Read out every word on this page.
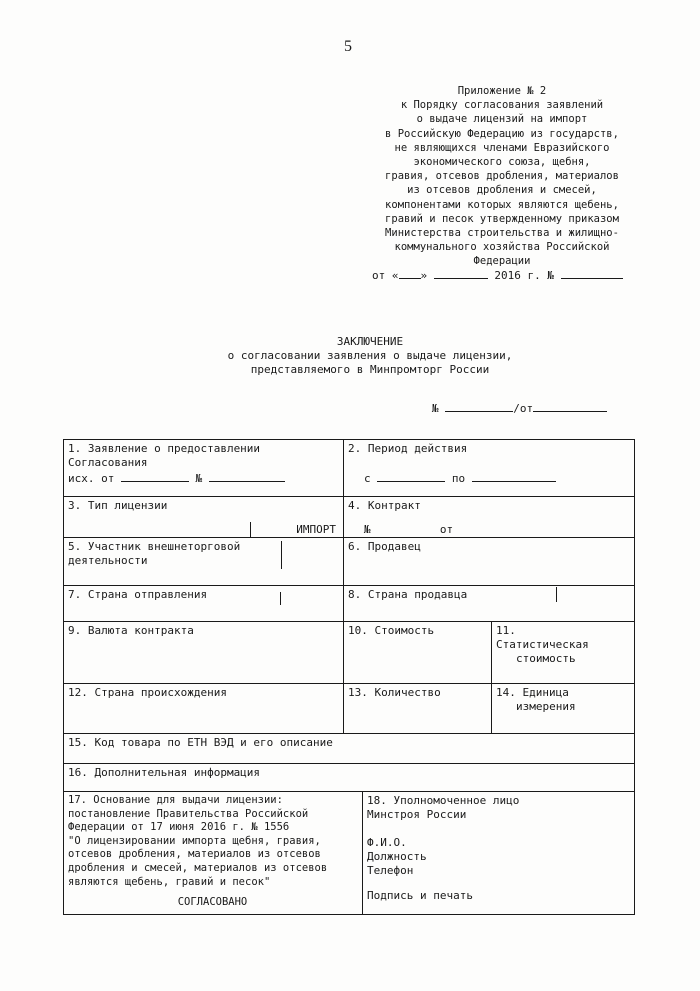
5
Приложение № 2
к Порядку согласования заявлений
о выдаче лицензий на импорт
в Российскую Федерацию из государств,
не являющихся членами Евразийского
экономического союза, щебня,
гравия, отсевов дробления, материалов
из отсевов дробления и смесей,
компонентами которых являются щебень,
гравий и песок утвержденному приказом
Министерства строительства и жилищно-
коммунального хозяйства Российской
Федерации
от « »	2016 г. №
ЗАКЛЮЧЕНИЕ
о согласовании заявления о выдаче лицензии,
представляемого в Минпромторг России
№	/от
1. Заявление о предоставлении
Согласования
исх. от	№
2. Период действия
с	по
3. Тип лицензии
ИМПОРТ
4. Контракт
№	от
5. Участник внешнеторговой
деятельности
6. Продавец
7. Страна отправления	8. Страна продавца
9. Валюта контракта	10. Стоимость	11.
Статистическая
стоимость
12. Страна происхождения	13. Количество	14. Единица
измерения
15. Код товара по ЕТН ВЭД и его описание
16. Дополнительная информация
17. Основание для выдачи лицензии:
постановление Правительства Российской
Федерации от 17 июня 2016 г. № 1556
"О лицензировании импорта щебня, гравия,
отсевов дробления, материалов из отсевов
дробления и смесей, материалов из отсевов
являются щебень, гравий и песок"
СОГЛАСОВАНО
18. Уполномоченное лицо
Минстроя России
Ф.И.О.
Должность
Телефон
Подпись и печать
